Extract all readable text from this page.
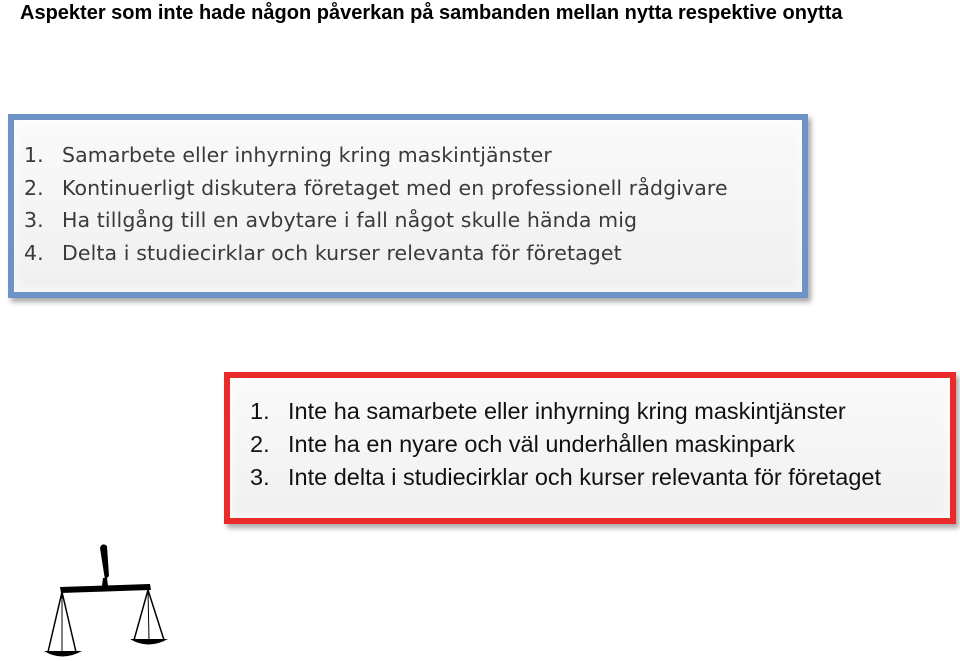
Aspekter som inte hade någon påverkan på sambanden mellan nytta respektive onytta
1. Samarbete eller inhyrning kring maskintjänster
2. Kontinuerligt diskutera företaget med en professionell rådgivare
3. Ha tillgång till en avbytare i fall något skulle hända mig
4. Delta i studiecirklar och kurser relevanta för företaget
1. Inte ha samarbete eller inhyrning kring maskintjänster
2. Inte ha en nyare och väl underhållen maskinpark
3. Inte delta i studiecirklar och kurser relevanta för företaget
